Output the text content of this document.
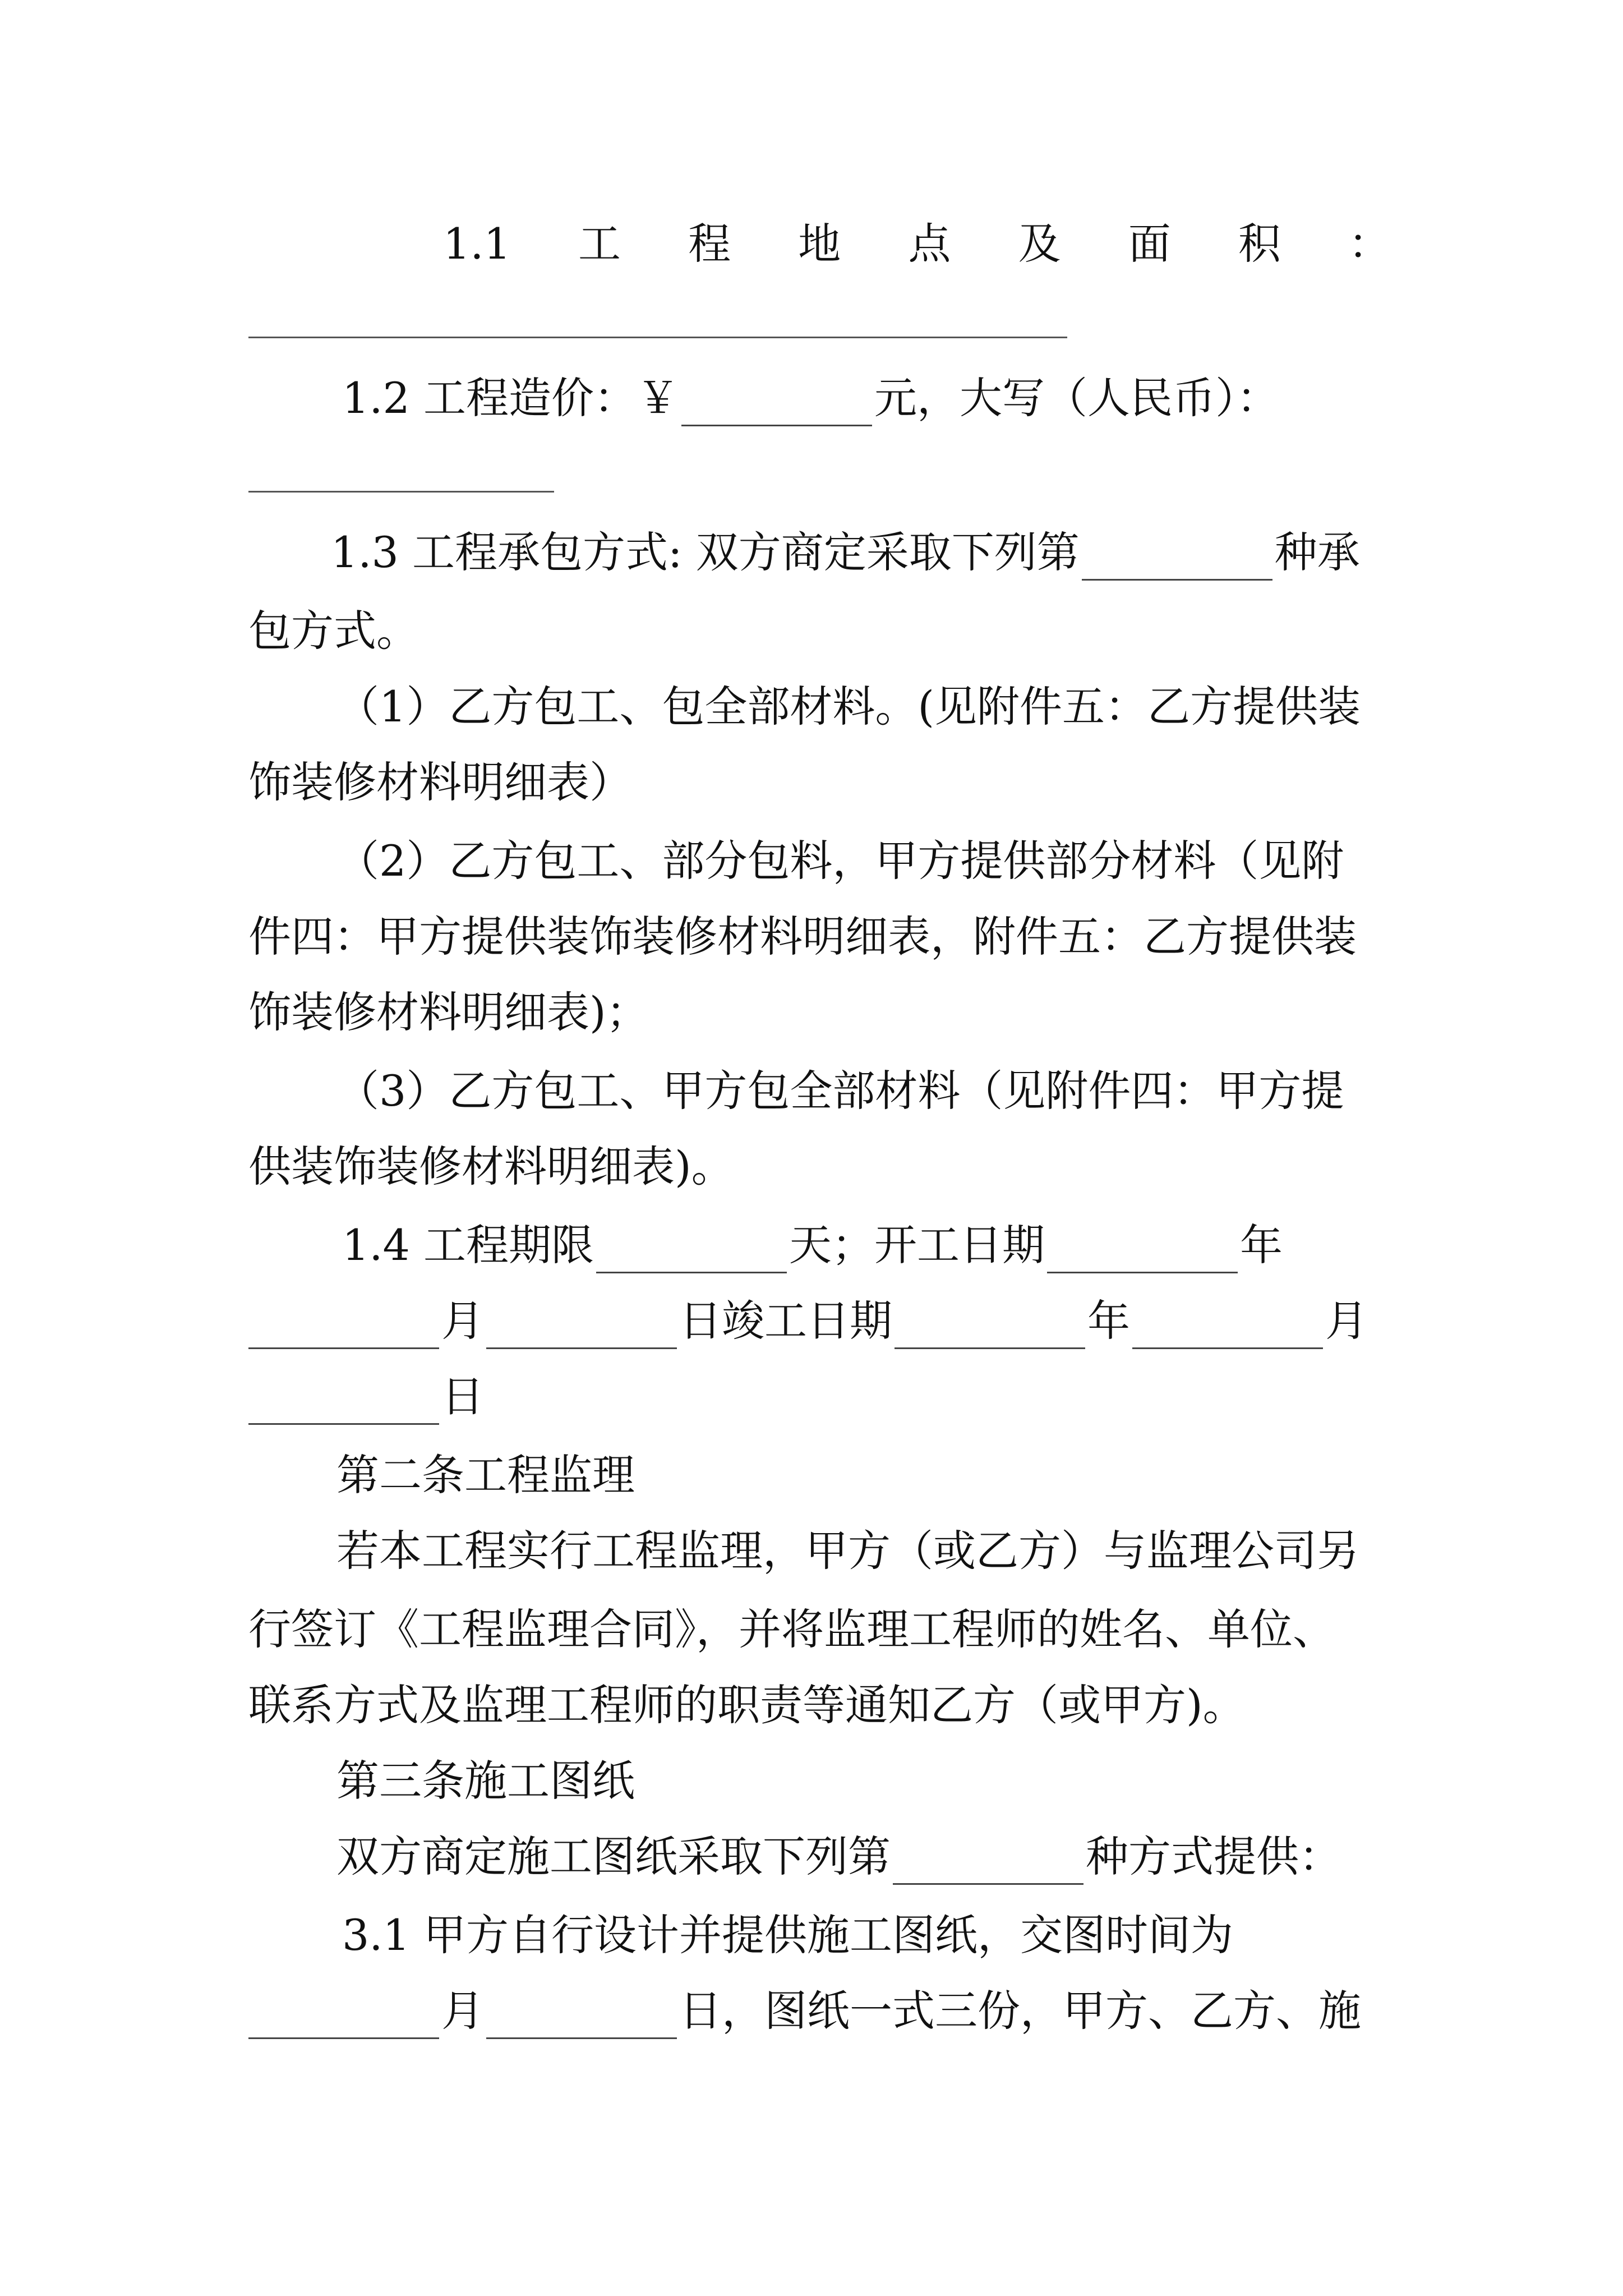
1.1 工 程 地 点 及 面 积 ：
1.2 工程造价：￥	元，大写（人民币）：
1.3 工程承包方式: 双方商定采取下列第	种承
包方式。
（1）乙方包工、包全部材料。(见附件五：乙方提供装
饰装修材料明细表）
（2）乙方包工、部分包料，甲方提供部分材料（见附
件四：甲方提供装饰装修材料明细表，附件五：乙方提供装
饰装修材料明细表)；
（3）乙方包工、甲方包全部材料（见附件四：甲方提
供装饰装修材料明细表)。
1.4 工程期限	天；开工日期	年
月	日竣工日期	年	月
日
第二条工程监理
若本工程实行工程监理，甲方（或乙方）与监理公司另
行签订《工程监理合同》，并将监理工程师的姓名、单位、
联系方式及监理工程师的职责等通知乙方（或甲方)。
第三条施工图纸
双方商定施工图纸采取下列第	种方式提供：
3.1 甲方自行设计并提供施工图纸，交图时间为
月	日，图纸一式三份，甲方、乙方、施
